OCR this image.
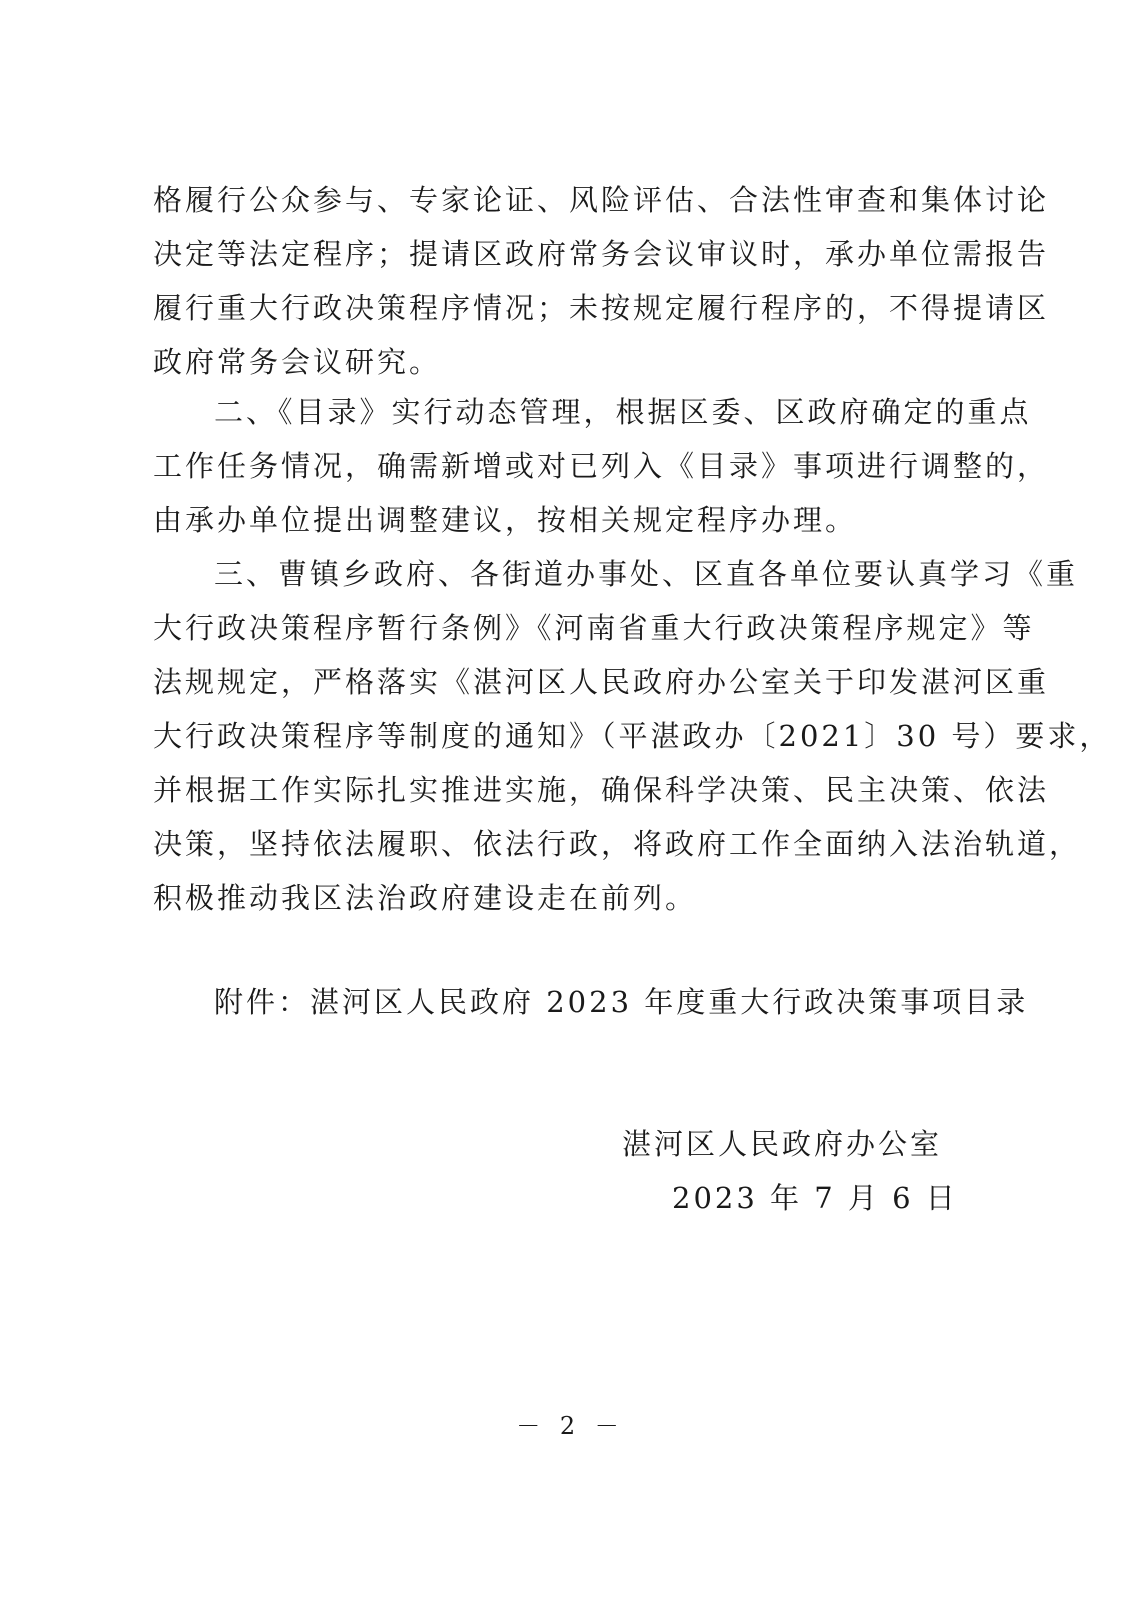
格履行公众参与、专家论证、风险评估、合法性审查和集体讨论
决定等法定程序；提请区政府常务会议审议时，承办单位需报告
履行重大行政决策程序情况；未按规定履行程序的，不得提请区
政府常务会议研究。
二、《目录》实行动态管理，根据区委、区政府确定的重点
工作任务情况，确需新增或对已列入《目录》事项进行调整的，
由承办单位提出调整建议，按相关规定程序办理。
三、曹镇乡政府、各街道办事处、区直各单位要认真学习《重
大行政决策程序暂行条例》《河南省重大行政决策程序规定》等
法规规定，严格落实《湛河区人民政府办公室关于印发湛河区重
大行政决策程序等制度的通知》（平湛政办〔2021〕30 号）要求，
并根据工作实际扎实推进实施，确保科学决策、民主决策、依法
决策，坚持依法履职、依法行政，将政府工作全面纳入法治轨道，
积极推动我区法治政府建设走在前列。
附件：湛河区人民政府 2023 年度重大行政决策事项目录
湛河区人民政府办公室
2023 年 7 月 6 日
－ 2 －
